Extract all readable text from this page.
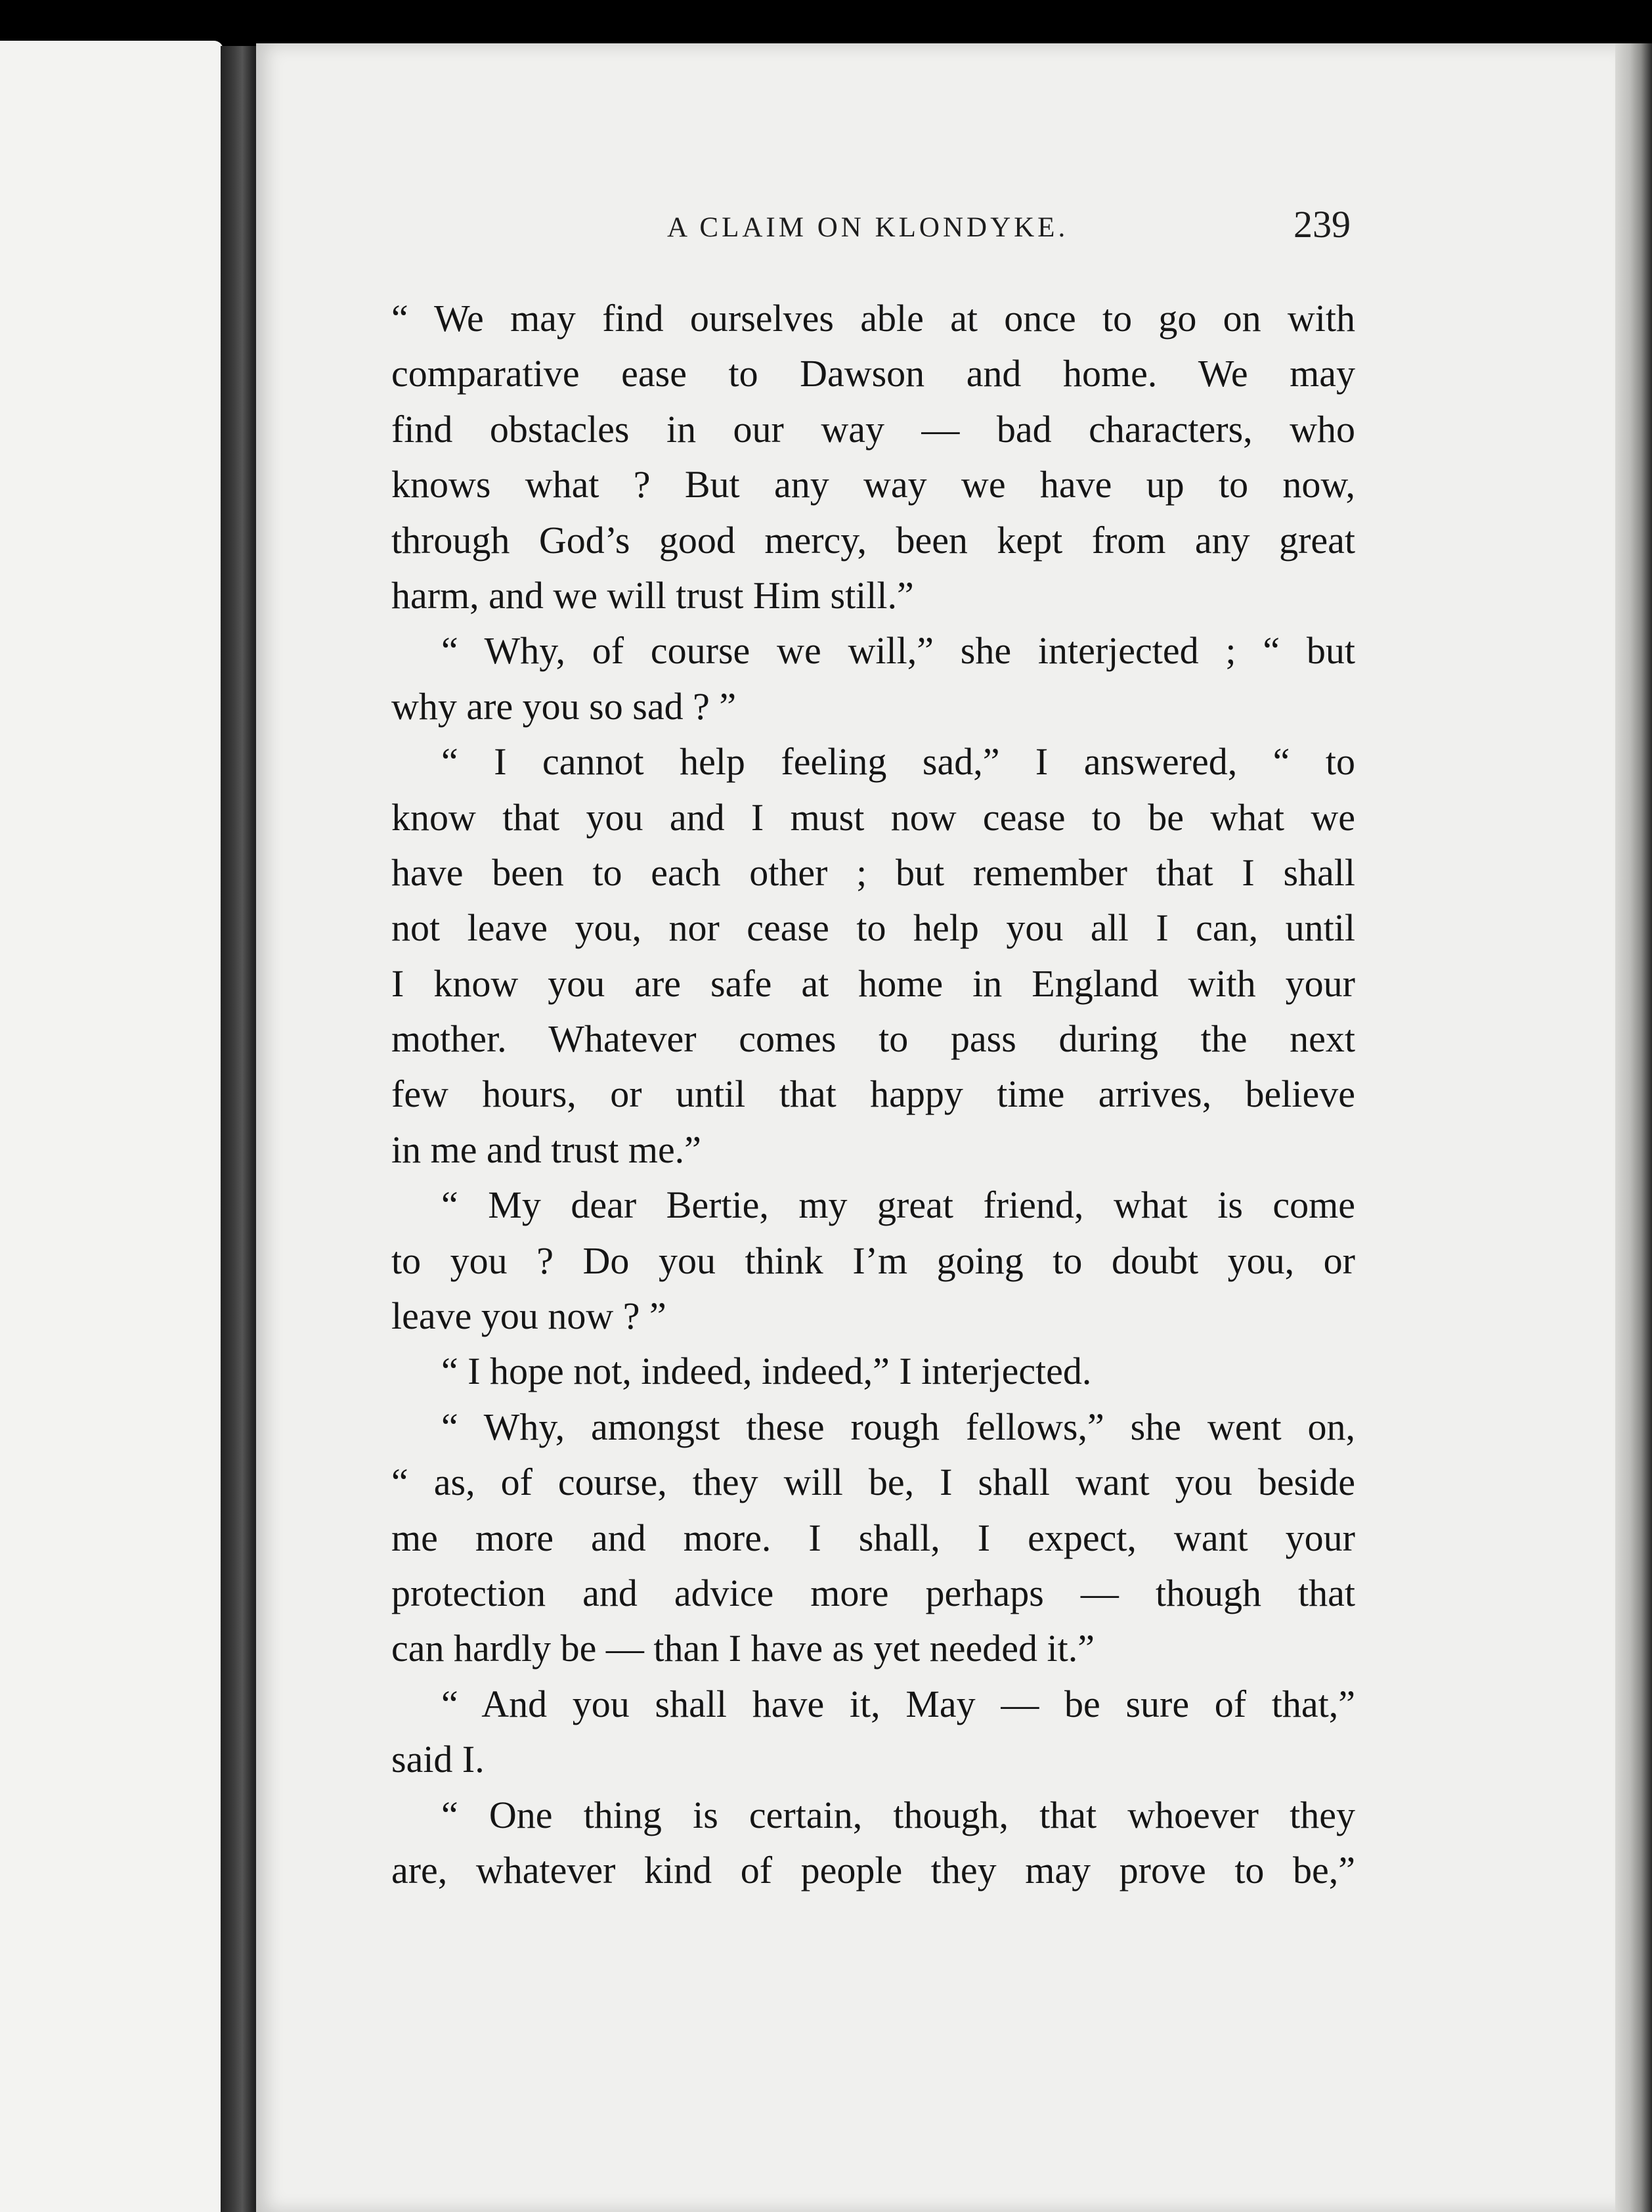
A CLAIM ON KLONDYKE.	239
“ We may find ourselves able at once to go on with
comparative ease to Dawson and home. We may
find obstacles in our way — bad characters, who
knows what ? But any way we have up to now,
through God’s good mercy, been kept from any great
harm, and we will trust Him still.”
“ Why, of course we will,” she interjected ; “ but
why are you so sad ? ”
“ I cannot help feeling sad,” I answered, “ to
know that you and I must now cease to be what we
have been to each other ; but remember that I shall
not leave you, nor cease to help you all I can, until
I know you are safe at home in England with your
mother. Whatever comes to pass during the next
few hours, or until that happy time arrives, believe
in me and trust me.”
“ My dear Bertie, my great friend, what is come
to you ? Do you think I’m going to doubt you, or
leave you now ? ”
“ I hope not, indeed, indeed,” I interjected.
“ Why, amongst these rough fellows,” she went on,
“ as, of course, they will be, I shall want you beside
me more and more. I shall, I expect, want your
protection and advice more perhaps — though that
can hardly be — than I have as yet needed it.”
“ And you shall have it, May — be sure of that,”
said I.
“ One thing is certain, though, that whoever they
are, whatever kind of people they may prove to be,”
